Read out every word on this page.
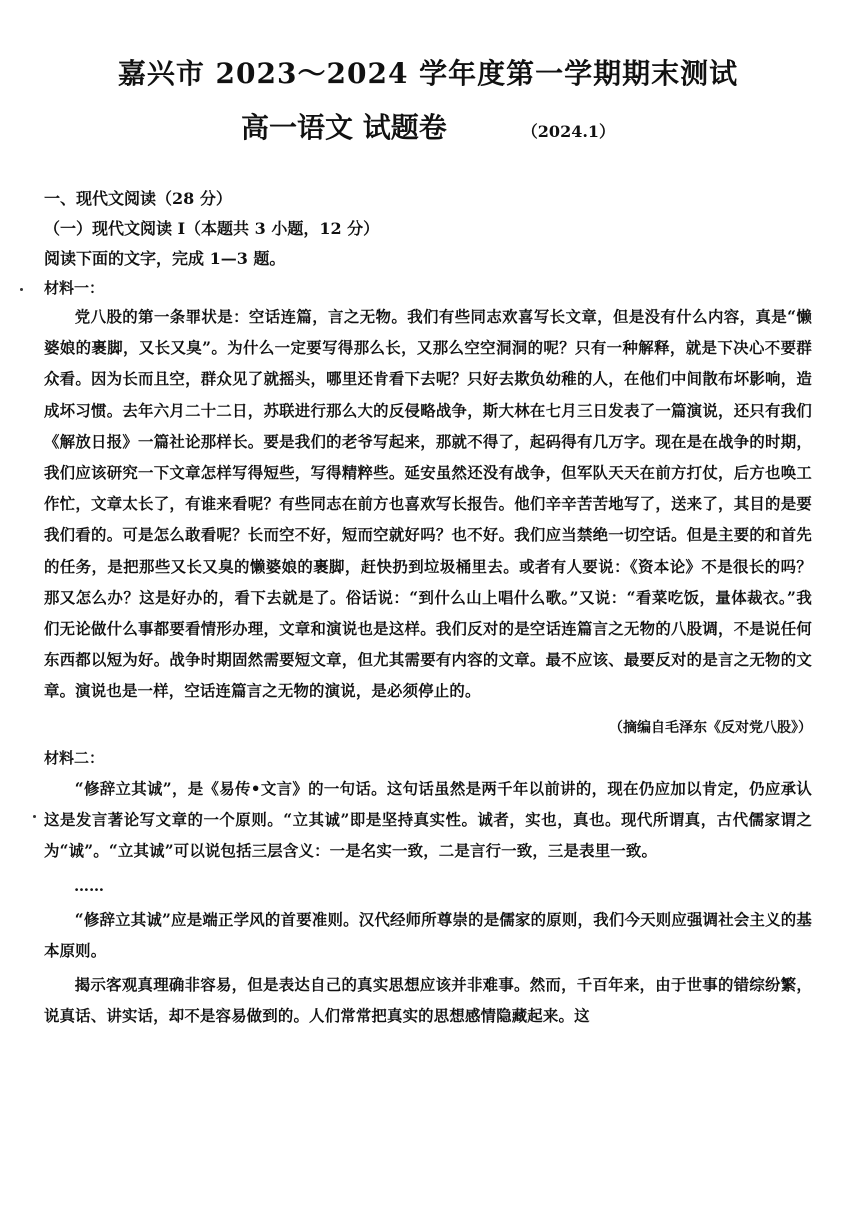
嘉兴市 2023～2024 学年度第一学期期末测试
高一语文 试题卷	（2024.1）

一、现代文阅读（28 分）

（一）现代文阅读 I（本题共 3 小题，12 分）

阅读下面的文字，完成 1—3 题。

材料一：

党八股的第一条罪状是：空话连篇，言之无物。我们有些同志欢喜写长文章，但是没有什么内容，真是“懒婆娘的裹脚，又长又臭”。为什么一定要写得那么长，又那么空空洞洞的呢？只有一种解释，就是下决心不要群众看。因为长而且空，群众见了就摇头，哪里还肯看下去呢？只好去欺负幼稚的人，在他们中间散布坏影响，造成坏习惯。去年六月二十二日，苏联进行那么大的反侵略战争，斯大林在七月三日发表了一篇演说，还只有我们《解放日报》一篇社论那样长。要是我们的老爷写起来，那就不得了，起码得有几万字。现在是在战争的时期，我们应该研究一下文章怎样写得短些，写得精粹些。延安虽然还没有战争，但军队天天在前方打仗，后方也唤工作忙，文章太长了，有谁来看呢？有些同志在前方也喜欢写长报告。他们辛辛苦苦地写了，送来了，其目的是要我们看的。可是怎么敢看呢？长而空不好，短而空就好吗？也不好。我们应当禁绝一切空话。但是主要的和首先的任务，是把那些又长又臭的懒婆娘的裹脚，赶快扔到垃圾桶里去。或者有人要说：《资本论》不是很长的吗？那又怎么办？这是好办的，看下去就是了。俗话说：“到什么山上唱什么歌。”又说：“看菜吃饭，量体裁衣。”我们无论做什么事都要看情形办理，文章和演说也是这样。我们反对的是空话连篇言之无物的八股调，不是说任何东西都以短为好。战争时期固然需要短文章，但尤其需要有内容的文章。最不应该、最要反对的是言之无物的文章。演说也是一样，空话连篇言之无物的演说，是必须停止的。

（摘编自毛泽东《反对党八股》）

材料二：

“修辞立其诚”，是《易传•文言》的一句话。这句话虽然是两千年以前讲的，现在仍应加以肯定，仍应承认这是发言著论写文章的一个原则。“立其诚”即是坚持真实性。诚者，实也，真也。现代所谓真，古代儒家谓之为“诚”。“立其诚”可以说包括三层含义：一是名实一致，二是言行一致，三是表里一致。

……

“修辞立其诚”应是端正学风的首要准则。汉代经师所尊崇的是儒家的原则，我们今天则应强调社会主义的基本原则。

揭示客观真理确非容易，但是表达自己的真实思想应该并非难事。然而，千百年来，由于世事的错综纷繁，说真话、讲实话，却不是容易做到的。人们常常把真实的思想感情隐藏起来。这
